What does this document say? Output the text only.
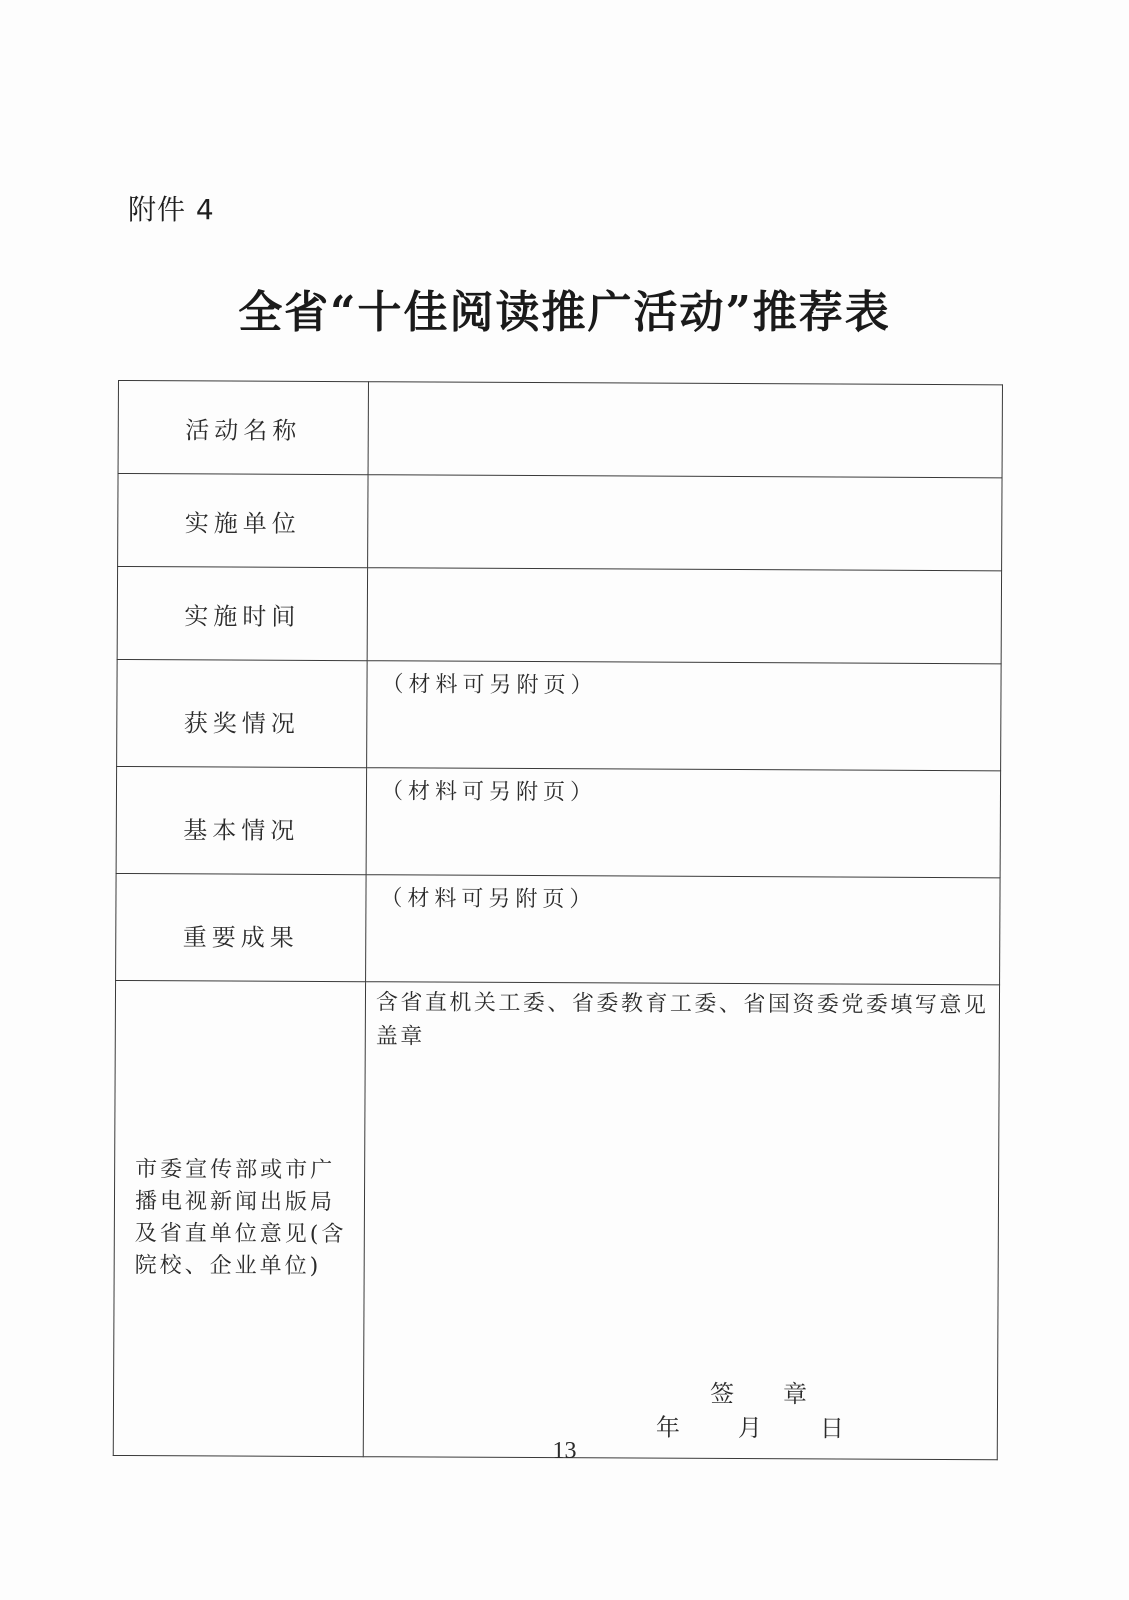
附件 4
全省“十佳阅读推广活动”推荐表
活动名称	
实施单位	
实施时间	
获奖情况	（材料可另附页）

基本情况	（材料可另附页）

重要成果	（材料可另附页）

市委宣传部或市广播电视新闻出版局及省直单位意见(含院校、企业单位)	含省直机关工委、省委教育工委、省国资委党委填写意见盖章
签 章
年 月 日
13
